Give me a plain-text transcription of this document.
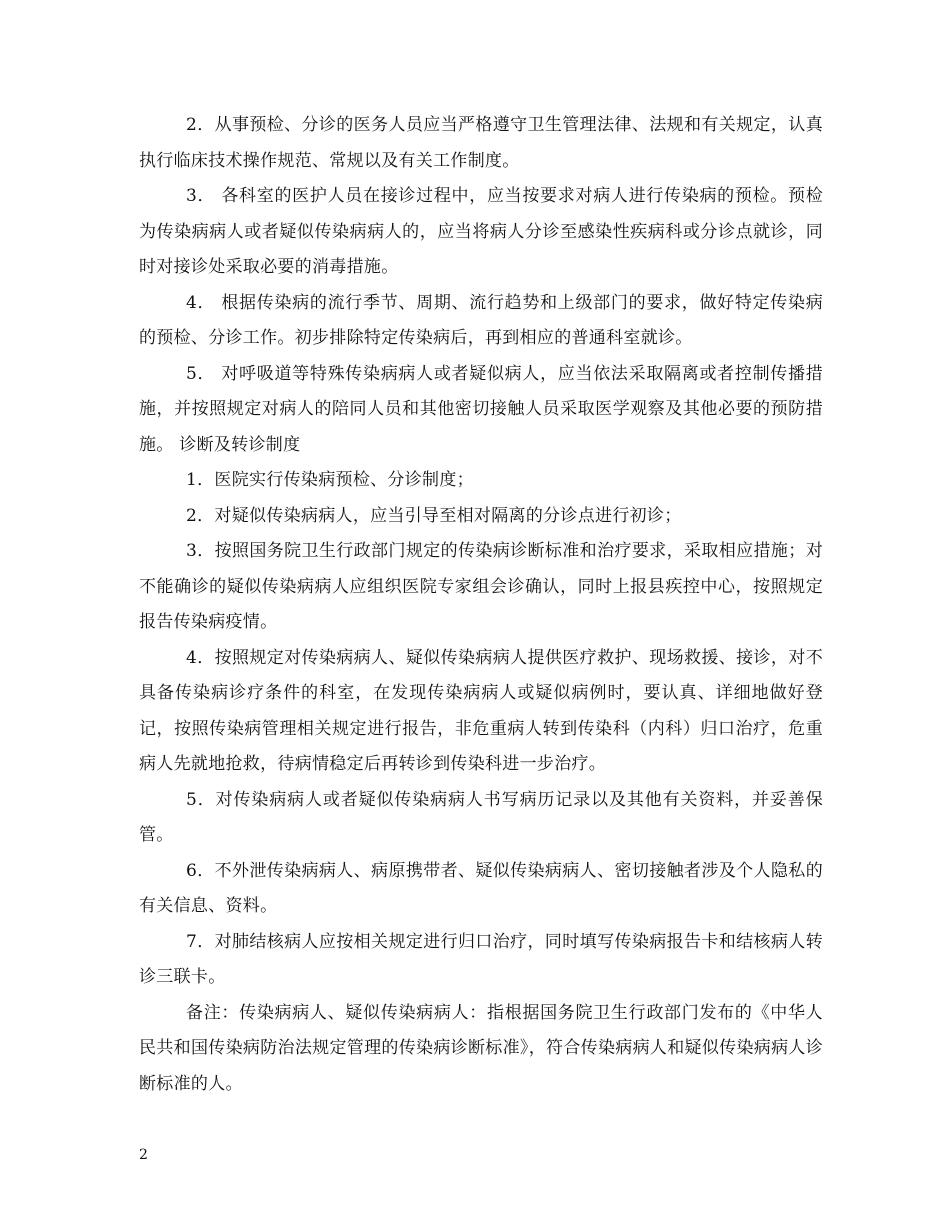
2．从事预检、分诊的医务人员应当严格遵守卫生管理法律、法规和有关规定，认真执行临床技术操作规范、常规以及有关工作制度。

3． 各科室的医护人员在接诊过程中，应当按要求对病人进行传染病的预检。预检为传染病病人或者疑似传染病病人的，应当将病人分诊至感染性疾病科或分诊点就诊，同时对接诊处采取必要的消毒措施。

4． 根据传染病的流行季节、周期、流行趋势和上级部门的要求，做好特定传染病的预检、分诊工作。初步排除特定传染病后，再到相应的普通科室就诊。

5． 对呼吸道等特殊传染病病人或者疑似病人，应当依法采取隔离或者控制传播措施，并按照规定对病人的陪同人员和其他密切接触人员采取医学观察及其他必要的预防措施。 诊断及转诊制度

1．医院实行传染病预检、分诊制度；

2．对疑似传染病病人，应当引导至相对隔离的分诊点进行初诊；

3．按照国务院卫生行政部门规定的传染病诊断标准和治疗要求，采取相应措施；对不能确诊的疑似传染病病人应组织医院专家组会诊确认，同时上报县疾控中心，按照规定报告传染病疫情。

4．按照规定对传染病病人、疑似传染病病人提供医疗救护、现场救援、接诊，对不具备传染病诊疗条件的科室，在发现传染病病人或疑似病例时，要认真、详细地做好登记，按照传染病管理相关规定进行报告，非危重病人转到传染科（内科）归口治疗，危重病人先就地抢救，待病情稳定后再转诊到传染科进一步治疗。

5．对传染病病人或者疑似传染病病人书写病历记录以及其他有关资料，并妥善保管。

6．不外泄传染病病人、病原携带者、疑似传染病病人、密切接触者涉及个人隐私的有关信息、资料。

7．对肺结核病人应按相关规定进行归口治疗，同时填写传染病报告卡和结核病人转诊三联卡。

备注：传染病病人、疑似传染病病人：指根据国务院卫生行政部门发布的《中华人民共和国传染病防治法规定管理的传染病诊断标准》，符合传染病病人和疑似传染病病人诊断标准的人。

2
